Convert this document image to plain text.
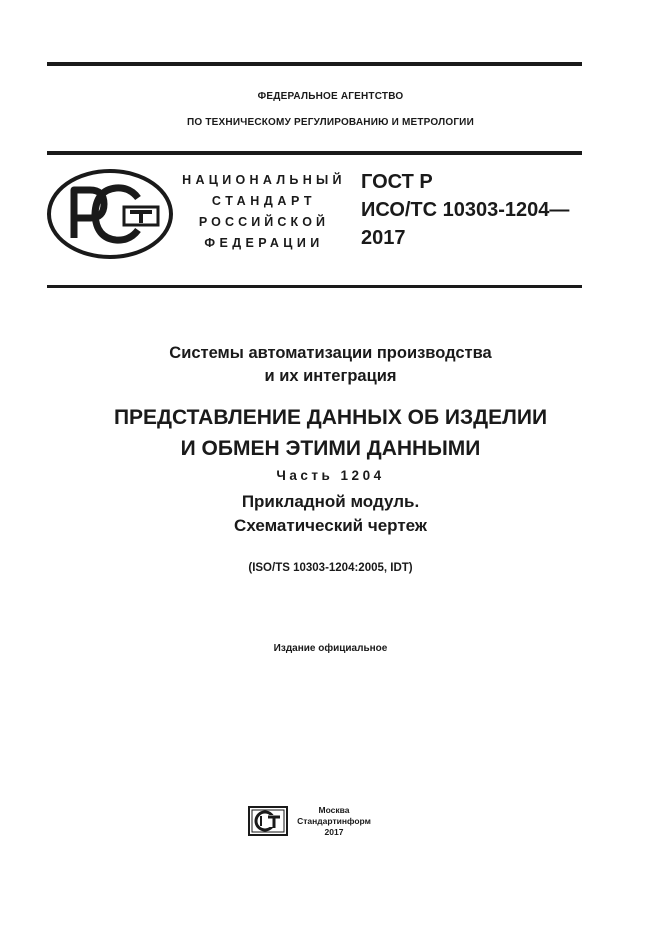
ФЕДЕРАЛЬНОЕ АГЕНТСТВО
ПО ТЕХНИЧЕСКОМУ РЕГУЛИРОВАНИЮ И МЕТРОЛОГИИ
НАЦИОНАЛЬНЫЙ
СТАНДАРТ
РОССИЙСКОЙ
ФЕДЕРАЦИИ
ГОСТ Р
ИСО/ТС 10303-1204—
2017
Системы автоматизации производства
и их интеграция
ПРЕДСТАВЛЕНИЕ ДАННЫХ ОБ ИЗДЕЛИИ
И ОБМЕН ЭТИМИ ДАННЫМИ
Часть 1204
Прикладной модуль.
Схематический чертеж
(ISO/TS 10303-1204:2005, IDT)
Издание официальное
Москва
Стандартинформ
2017
